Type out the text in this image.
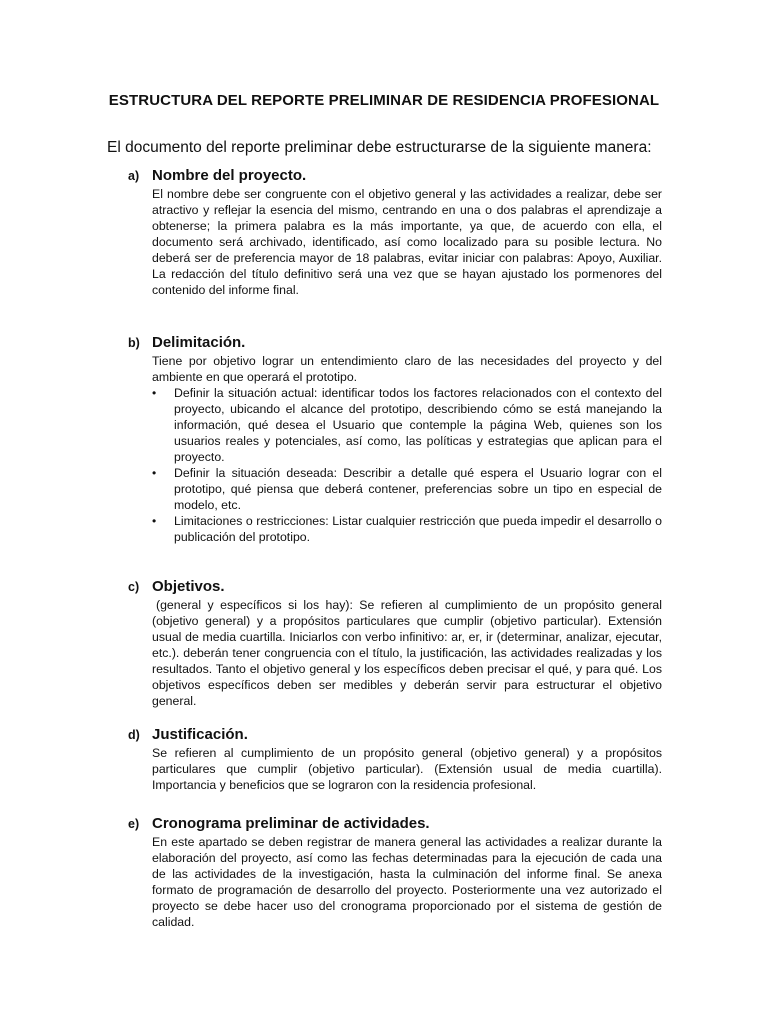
ESTRUCTURA DEL REPORTE PRELIMINAR DE RESIDENCIA PROFESIONAL
El documento del reporte preliminar debe estructurarse de la siguiente manera:
a) Nombre del proyecto.
El nombre debe ser congruente con el objetivo general y las actividades a realizar, debe ser atractivo y reflejar la esencia del mismo, centrando en una o dos palabras el aprendizaje a obtenerse; la primera palabra es la más importante, ya que, de acuerdo con ella, el documento será archivado, identificado, así como localizado para su posible lectura. No deberá ser de preferencia mayor de 18 palabras, evitar iniciar con palabras: Apoyo, Auxiliar. La redacción del título definitivo será una vez que se hayan ajustado los pormenores del contenido del informe final.
b) Delimitación.
Tiene por objetivo lograr un entendimiento claro de las necesidades del proyecto y del ambiente en que operará el prototipo.
• Definir la situación actual: identificar todos los factores relacionados con el contexto del proyecto, ubicando el alcance del prototipo, describiendo cómo se está manejando la información, qué desea el Usuario que contemple la página Web, quienes son los usuarios reales y potenciales, así como, las políticas y estrategias que aplican para el proyecto.
• Definir la situación deseada: Describir a detalle qué espera el Usuario lograr con el prototipo, qué piensa que deberá contener, preferencias sobre un tipo en especial de modelo, etc.
• Limitaciones o restricciones: Listar cualquier restricción que pueda impedir el desarrollo o publicación del prototipo.
c) Objetivos.
(general y específicos si los hay): Se refieren al cumplimiento de un propósito general (objetivo general) y a propósitos particulares que cumplir (objetivo particular). Extensión usual de media cuartilla. Iniciarlos con verbo infinitivo: ar, er, ir (determinar, analizar, ejecutar, etc.). deberán tener congruencia con el título, la justificación, las actividades realizadas y los resultados. Tanto el objetivo general y los específicos deben precisar el qué, y para qué. Los objetivos específicos deben ser medibles y deberán servir para estructurar el objetivo general.
d) Justificación.
Se refieren al cumplimiento de un propósito general (objetivo general) y a propósitos particulares que cumplir (objetivo particular). (Extensión usual de media cuartilla). Importancia y beneficios que se lograron con la residencia profesional.
e) Cronograma preliminar de actividades.
En este apartado se deben registrar de manera general las actividades a realizar durante la elaboración del proyecto, así como las fechas determinadas para la ejecución de cada una de las actividades de la investigación, hasta la culminación del informe final. Se anexa formato de programación de desarrollo del proyecto. Posteriormente una vez autorizado el proyecto se debe hacer uso del cronograma proporcionado por el sistema de gestión de calidad.
